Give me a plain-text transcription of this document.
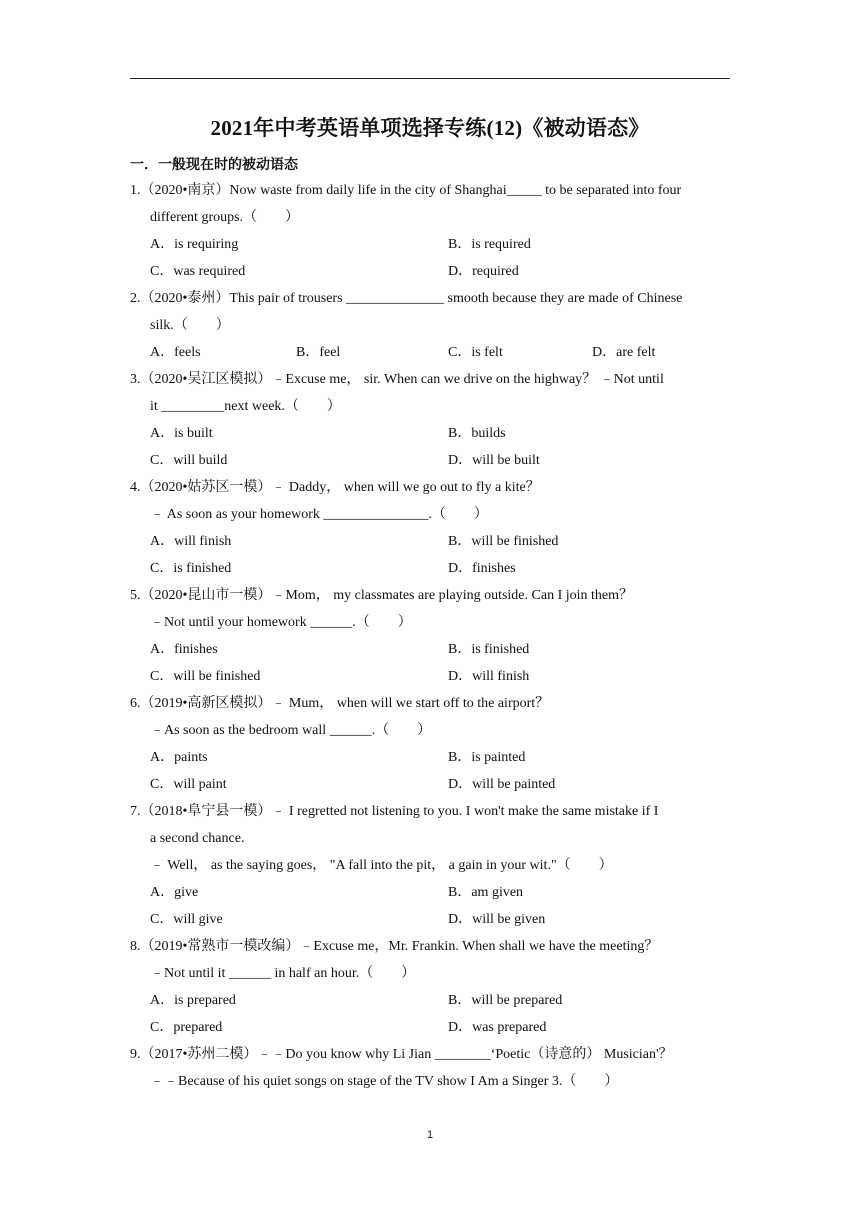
2021年中考英语单项选择专练(12)《被动语态》
一．一般现在时的被动语态
1.（2020•南京）Now waste from daily life in the city of Shanghai_____ to be separated into four
different groups.（　　）
A．is requiring	B．is required
C．was required	D．required
2.（2020•泰州）This pair of trousers ______________ smooth because they are made of Chinese
silk.（　　）
A．feels	B．feel	C．is felt	D．are felt
3.（2020•吴江区模拟）﹣Excuse me， sir. When can we drive on the highway？ ﹣Not until
it _________next week.（　　）
A．is built	B．builds
C．will build	D．will be built
4.（2020•姑苏区一模）﹣ Daddy， when will we go out to fly a kite？
﹣ As soon as your homework _______________.（　　）
A．will finish	B．will be finished
C．is finished	D．finishes
5.（2020•昆山市一模）﹣Mom， my classmates are playing outside. Can I join them？
﹣Not until your homework ______.（　　）
A．finishes	B．is finished
C．will be finished	D．will finish
6.（2019•高新区模拟）﹣ Mum， when will we start off to the airport？
﹣As soon as the bedroom wall ______.（　　）
A．paints	B．is painted
C．will paint	D．will be painted
7.（2018•阜宁县一模）﹣ I regretted not listening to you. I won't make the same mistake if I
a second chance.
﹣ Well， as the saying goes， "A fall into the pit， a gain in your wit."（　　）
A．give	B．am given
C．will give	D．will be given
8.（2019•常熟市一模改编）﹣Excuse me，Mr. Frankin. When shall we have the meeting？
﹣Not until it ______ in half an hour.（　　）
A．is prepared	B．will be prepared
C．prepared	D．was prepared
9.（2017•苏州二模）﹣﹣Do you know why Li Jian ________‘Poetic（诗意的） Musician'？
﹣﹣Because of his quiet songs on stage of the TV show I Am a Singer 3.（　　）
1
